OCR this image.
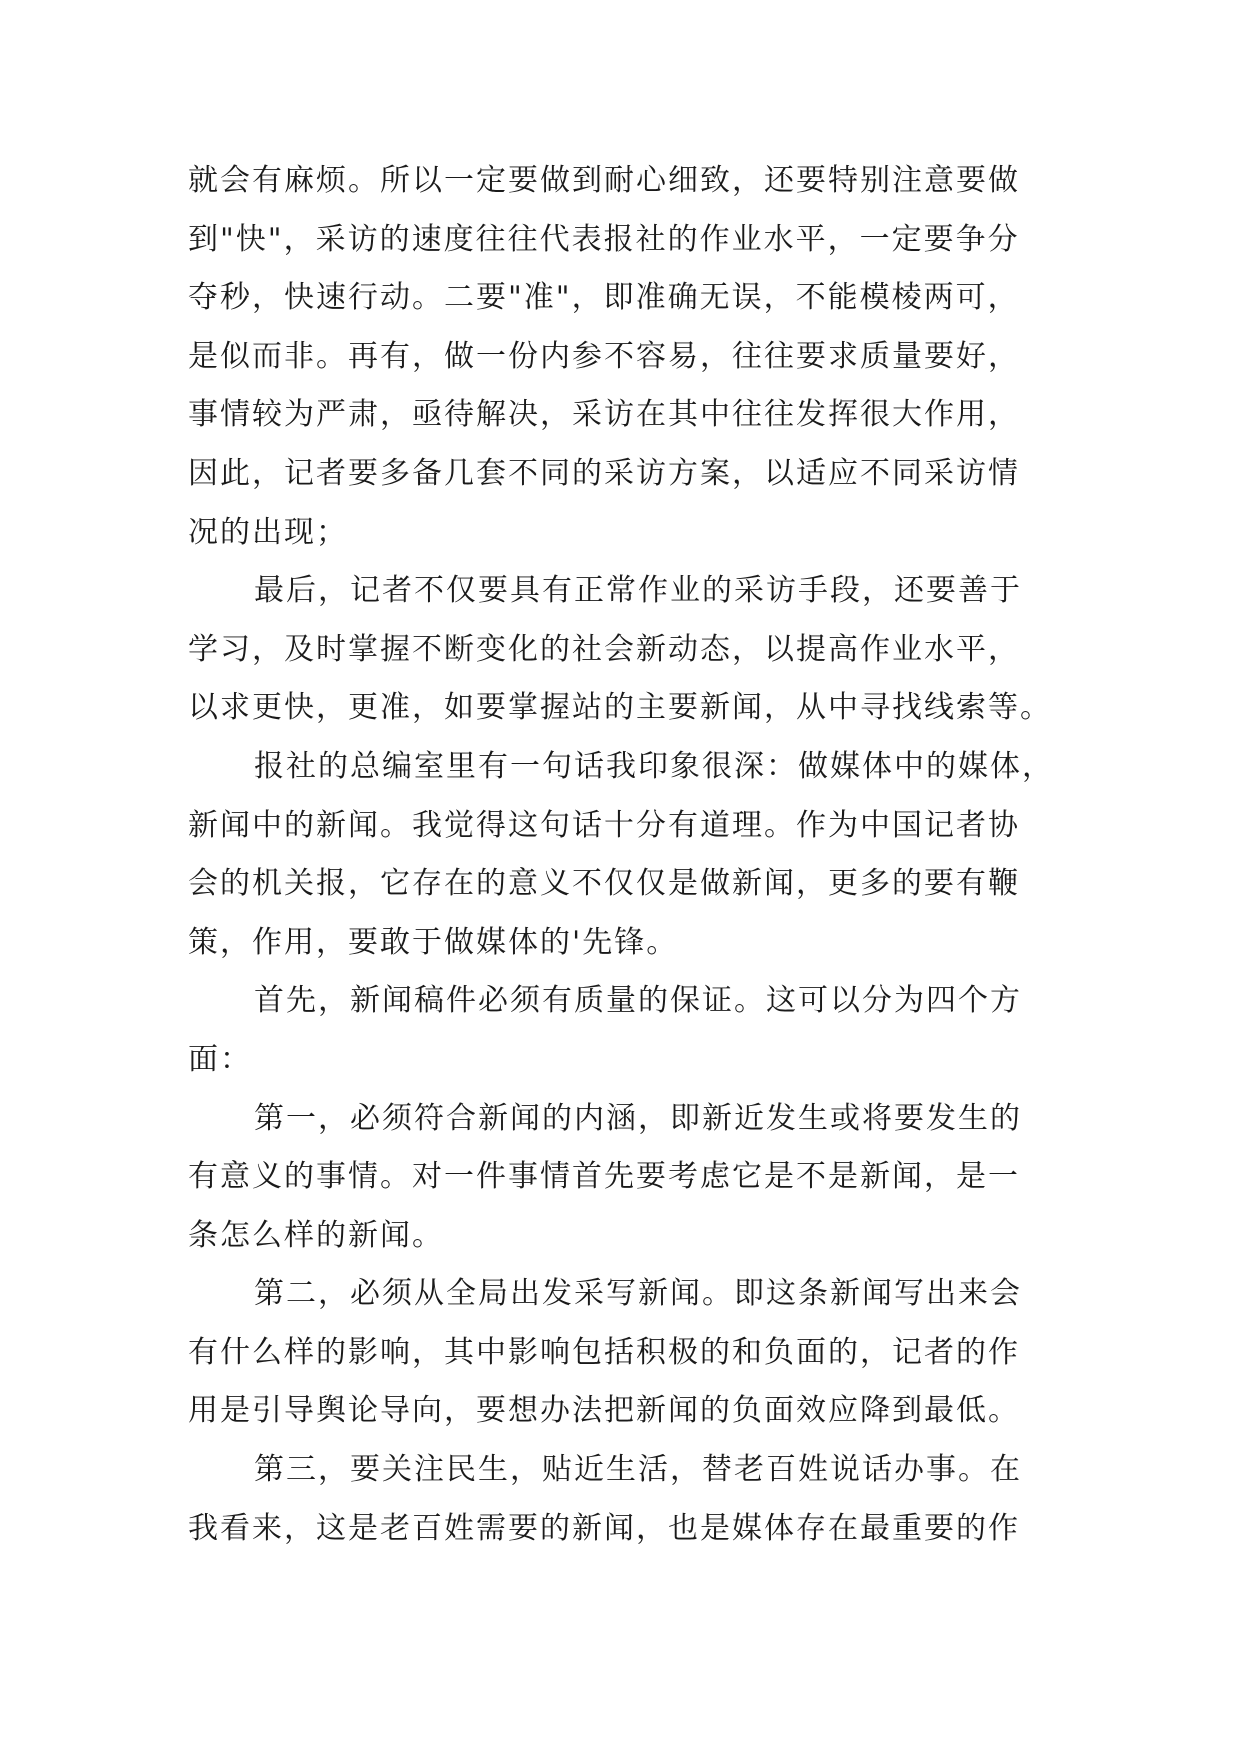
就会有麻烦。所以一定要做到耐心细致，还要特别注意要做
到"快"，采访的速度往往代表报社的作业水平，一定要争分
夺秒，快速行动。二要"准"，即准确无误，不能模棱两可，
是似而非。再有，做一份内参不容易，往往要求质量要好，
事情较为严肃，亟待解决，采访在其中往往发挥很大作用，
因此，记者要多备几套不同的采访方案，以适应不同采访情
况的出现；
最后，记者不仅要具有正常作业的采访手段，还要善于
学习，及时掌握不断变化的社会新动态，以提高作业水平，
以求更快，更准，如要掌握站的主要新闻，从中寻找线索等。
报社的总编室里有一句话我印象很深：做媒体中的媒体，
新闻中的新闻。我觉得这句话十分有道理。作为中国记者协
会的机关报，它存在的意义不仅仅是做新闻，更多的要有鞭
策，作用，要敢于做媒体的'先锋。
首先，新闻稿件必须有质量的保证。这可以分为四个方
面：
第一，必须符合新闻的内涵，即新近发生或将要发生的
有意义的事情。对一件事情首先要考虑它是不是新闻，是一
条怎么样的新闻。
第二，必须从全局出发采写新闻。即这条新闻写出来会
有什么样的影响，其中影响包括积极的和负面的，记者的作
用是引导舆论导向，要想办法把新闻的负面效应降到最低。
第三，要关注民生，贴近生活，替老百姓说话办事。在
我看来，这是老百姓需要的新闻，也是媒体存在最重要的作
